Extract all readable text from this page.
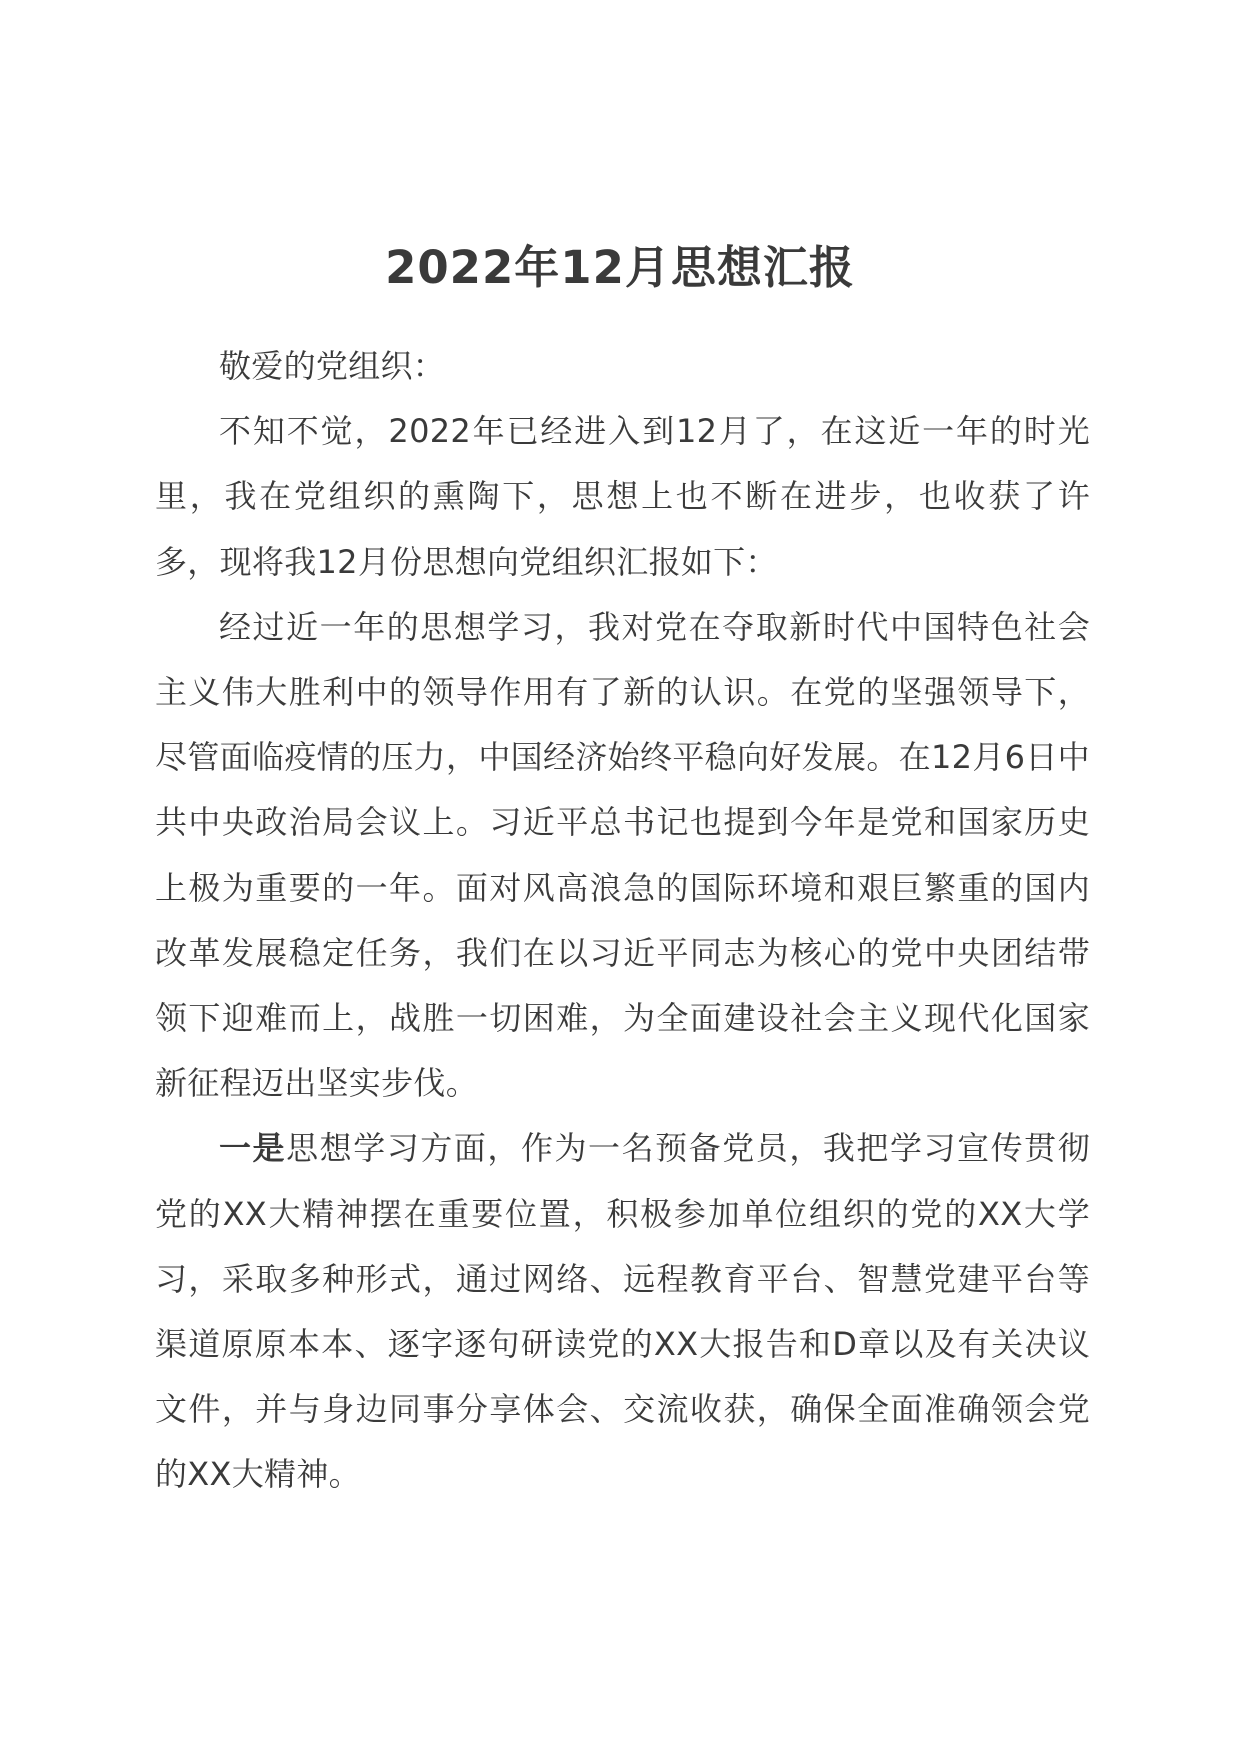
2022年12月思想汇报

敬爱的党组织：

不知不觉，2022年已经进入到12月了，在这近一年的时光里，我在党组织的熏陶下，思想上也不断在进步，也收获了许多，现将我12月份思想向党组织汇报如下：

经过近一年的思想学习，我对党在夺取新时代中国特色社会主义伟大胜利中的领导作用有了新的认识。在党的坚强领导下，尽管面临疫情的压力，中国经济始终平稳向好发展。在12月6日中共中央政治局会议上。习近平总书记也提到今年是党和国家历史上极为重要的一年。面对风高浪急的国际环境和艰巨繁重的国内改革发展稳定任务，我们在以习近平同志为核心的党中央团结带领下迎难而上，战胜一切困难，为全面建设社会主义现代化国家新征程迈出坚实步伐。

一是思想学习方面，作为一名预备党员，我把学习宣传贯彻党的XX大精神摆在重要位置，积极参加单位组织的党的XX大学习，采取多种形式，通过网络、远程教育平台、智慧党建平台等渠道原原本本、逐字逐句研读党的XX大报告和D章以及有关决议文件，并与身边同事分享体会、交流收获，确保全面准确领会党的XX大精神。
